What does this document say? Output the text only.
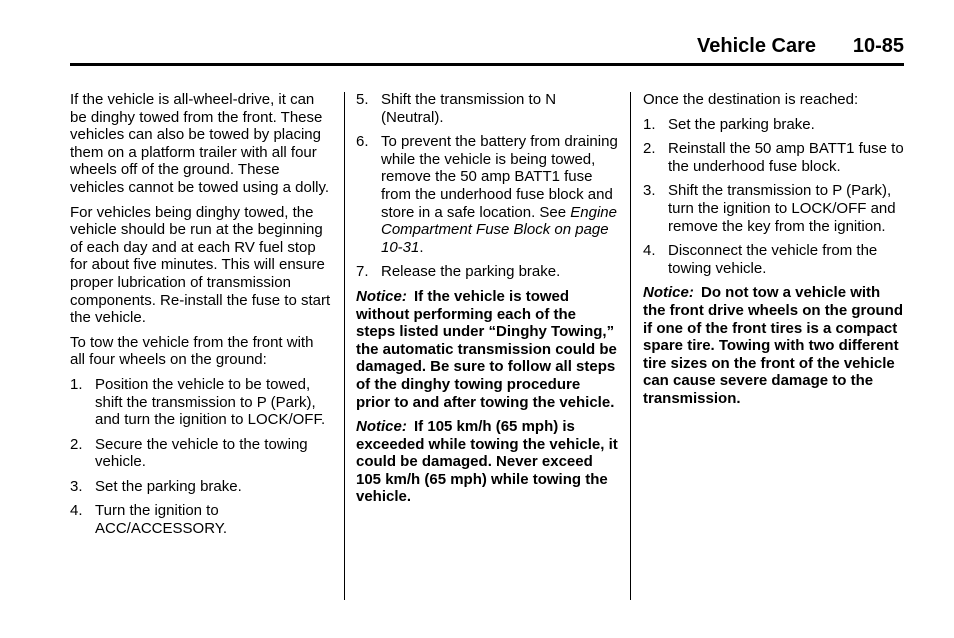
Vehicle Care 10-85

If the vehicle is all-wheel-drive, it can be dinghy towed from the front. These vehicles can also be towed by placing them on a platform trailer with all four wheels off of the ground. These vehicles cannot be towed using a dolly.

For vehicles being dinghy towed, the vehicle should be run at the beginning of each day and at each RV fuel stop for about five minutes. This will ensure proper lubrication of transmission components. Re-install the fuse to start the vehicle.

To tow the vehicle from the front with all four wheels on the ground:

1. Position the vehicle to be towed, shift the transmission to P (Park), and turn the ignition to LOCK/OFF.
2. Secure the vehicle to the towing vehicle.
3. Set the parking brake.
4. Turn the ignition to ACC/ACCESSORY.
5. Shift the transmission to N (Neutral).
6. To prevent the battery from draining while the vehicle is being towed, remove the 50 amp BATT1 fuse from the underhood fuse block and store in a safe location. See Engine Compartment Fuse Block on page 10-31.
7. Release the parking brake.

Notice: If the vehicle is towed without performing each of the steps listed under “Dinghy Towing,” the automatic transmission could be damaged. Be sure to follow all steps of the dinghy towing procedure prior to and after towing the vehicle.

Notice: If 105 km/h (65 mph) is exceeded while towing the vehicle, it could be damaged. Never exceed 105 km/h (65 mph) while towing the vehicle.

Once the destination is reached:

1. Set the parking brake.
2. Reinstall the 50 amp BATT1 fuse to the underhood fuse block.
3. Shift the transmission to P (Park), turn the ignition to LOCK/OFF and remove the key from the ignition.
4. Disconnect the vehicle from the towing vehicle.

Notice: Do not tow a vehicle with the front drive wheels on the ground if one of the front tires is a compact spare tire. Towing with two different tire sizes on the front of the vehicle can cause severe damage to the transmission.
